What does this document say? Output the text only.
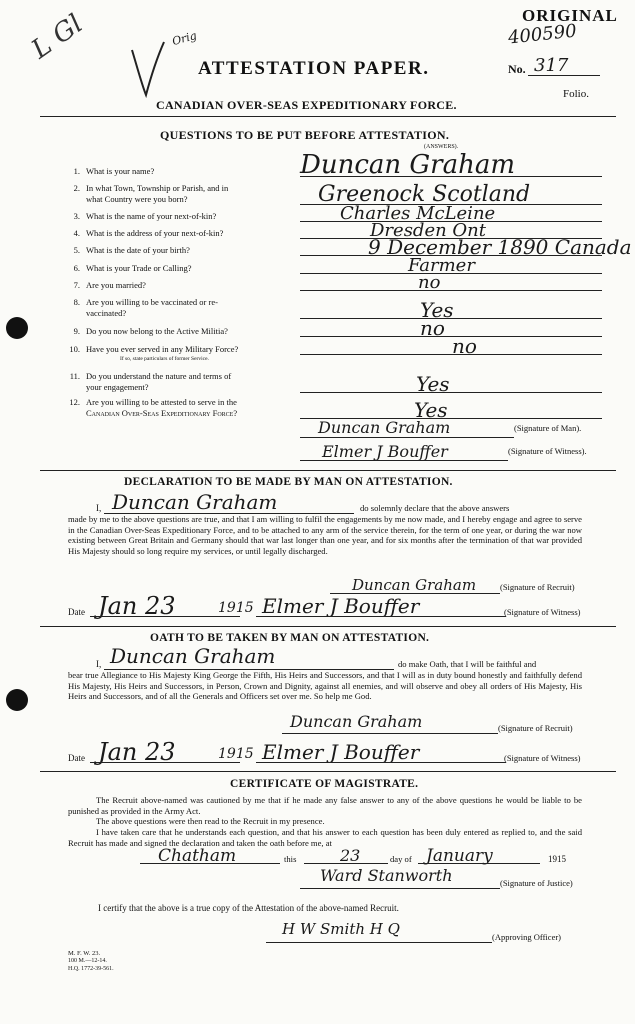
L Gl	Orig
ORIGINAL
400590
No. 317
Folio.
ATTESTATION PAPER.
CANADIAN OVER-SEAS EXPEDITIONARY FORCE.
QUESTIONS TO BE PUT BEFORE ATTESTATION.
(ANSWERS).
1. What is your name?	Duncan Graham
2. In what Town, Township or Parish, and in
what Country were you born?	Greenock Scotland
3. What is the name of your next-of-kin?	Charles McLeine
4. What is the address of your next-of-kin?	Dresden Ont
5. What is the date of your birth?	9 December 1890 Canada
6. What is your Trade or Calling?	Farmer
7. Are you married?	no
8. Are you willing to be vaccinated or re-
vaccinated?	Yes
9. Do you now belong to the Active Militia?	no
10. Have you ever served in any Military Force?
If so, state particulars of former Service.
no
11. Do you understand the nature and terms of
your engagement?	Yes
12. Are you willing to be attested to serve in the
Canadian Over-Seas Expeditionary Force?	Yes
Duncan Graham	(Signature of Man).
Elmer J Bouffer	(Signature of Witness).
DECLARATION TO BE MADE BY MAN ON ATTESTATION.
I, Duncan Graham	do solemnly declare that the above answers
made by me to the above questions are true, and that I am willing to fulfil the engagements by me now made, and I hereby engage and agree to serve in the Canadian Over-Seas Expeditionary Force, and to be attached to any arm of the service therein, for the term of one year, or during the war now existing between Great Britain and Germany should that war last longer than one year, and for six months after the termination of that war provided His Majesty should so long require my services, or until legally discharged.
Duncan Graham	(Signature of Recruit)
Date Jan 23	1915 Elmer J Bouffer	(Signature of Witness)
OATH TO BE TAKEN BY MAN ON ATTESTATION.
I, Duncan Graham	do make Oath, that I will be faithful and
bear true Allegiance to His Majesty King George the Fifth, His Heirs and Successors, and that I will as in duty bound honestly and faithfully defend His Majesty, His Heirs and Successors, in Person, Crown and Dignity, against all enemies, and will observe and obey all orders of His Majesty, His Heirs and Successors, and of all the Generals and Officers set over me. So help me God.
Duncan Graham	(Signature of Recruit)
Date Jan 23	1915 Elmer J Bouffer	(Signature of Witness)
CERTIFICATE OF MAGISTRATE.
The Recruit above-named was cautioned by me that if he made any false answer to any of the above questions he would be liable to be punished as provided in the Army Act.
The above questions were then read to the Recruit in my presence.
I have taken care that he understands each question, and that his answer to each question has been duly entered as replied to, and the said Recruit has made and signed the declaration and taken the oath before me, at
Chatham	this	23	day of January	1915
Ward Stanworth	(Signature of Justice)
I certify that the above is a true copy of the Attestation of the above-named Recruit.
H W Smith H Q	(Approving Officer)
M. F. W. 23.
100 M.—12-14.
H.Q. 1772-39-561.
